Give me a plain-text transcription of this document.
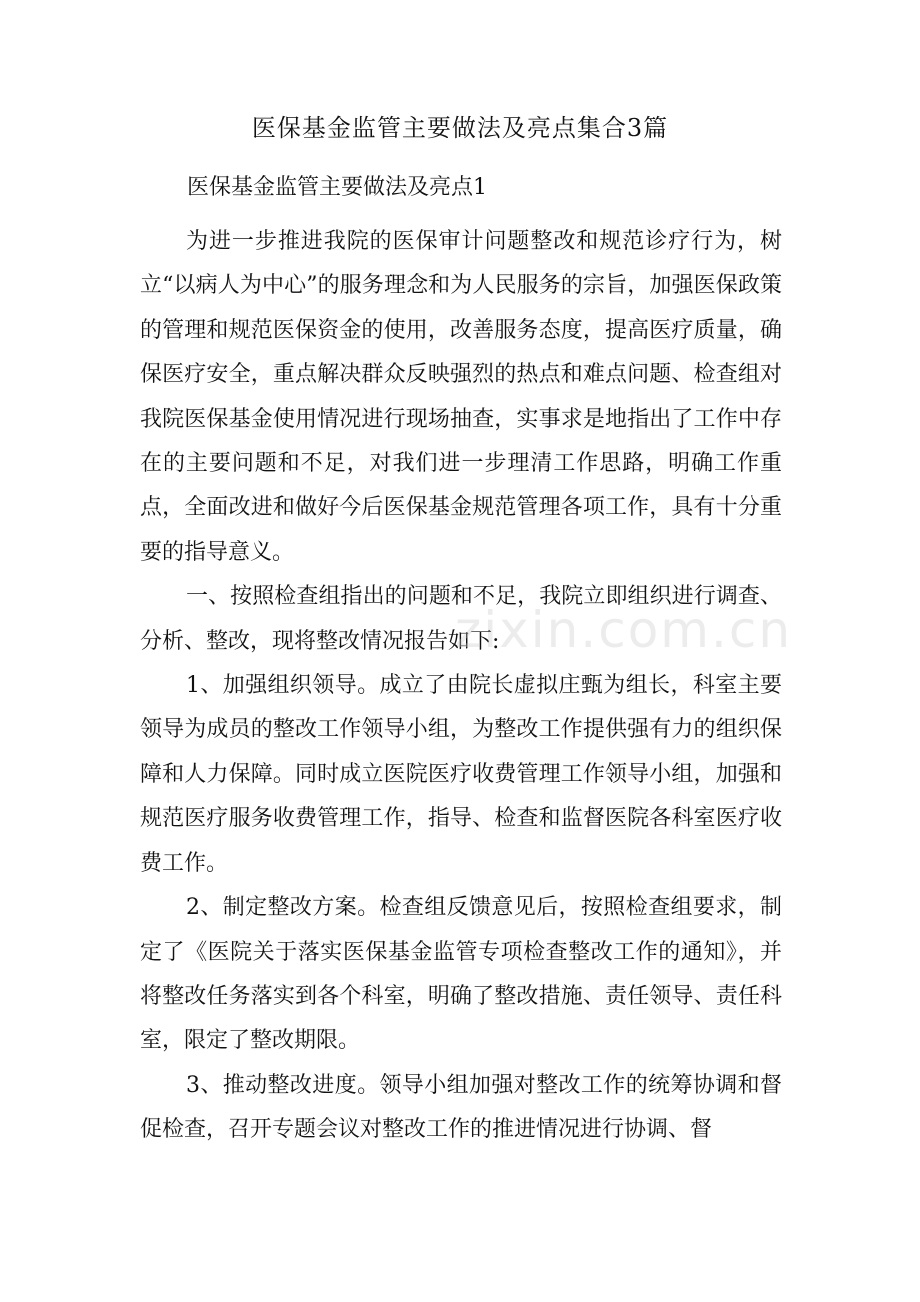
医保基金监管主要做法及亮点集合3篇
医保基金监管主要做法及亮点1

为进一步推进我院的医保审计问题整改和规范诊疗行为，树立“以病人为中心”的服务理念和为人民服务的宗旨，加强医保政策的管理和规范医保资金的使用，改善服务态度，提高医疗质量，确保医疗安全，重点解决群众反映强烈的热点和难点问题、检查组对我院医保基金使用情况进行现场抽查，实事求是地指出了工作中存在的主要问题和不足，对我们进一步理清工作思路，明确工作重点，全面改进和做好今后医保基金规范管理各项工作，具有十分重要的指导意义。

一、按照检查组指出的问题和不足，我院立即组织进行调查、分析、整改，现将整改情况报告如下:

1、加强组织领导。成立了由院长虚拟庄甄为组长，科室主要领导为成员的整改工作领导小组，为整改工作提供强有力的组织保障和人力保障。同时成立医院医疗收费管理工作领导小组，加强和规范医疗服务收费管理工作，指导、检查和监督医院各科室医疗收费工作。

2、制定整改方案。检查组反馈意见后，按照检查组要求，制定了《医院关于落实医保基金监管专项检查整改工作的通知》，并将整改任务落实到各个科室，明确了整改措施、责任领导、责任科室，限定了整改期限。

3、推动整改进度。领导小组加强对整改工作的统筹协调和督促检查，召开专题会议对整改工作的推进情况进行协调、督

zixin.com.cn
